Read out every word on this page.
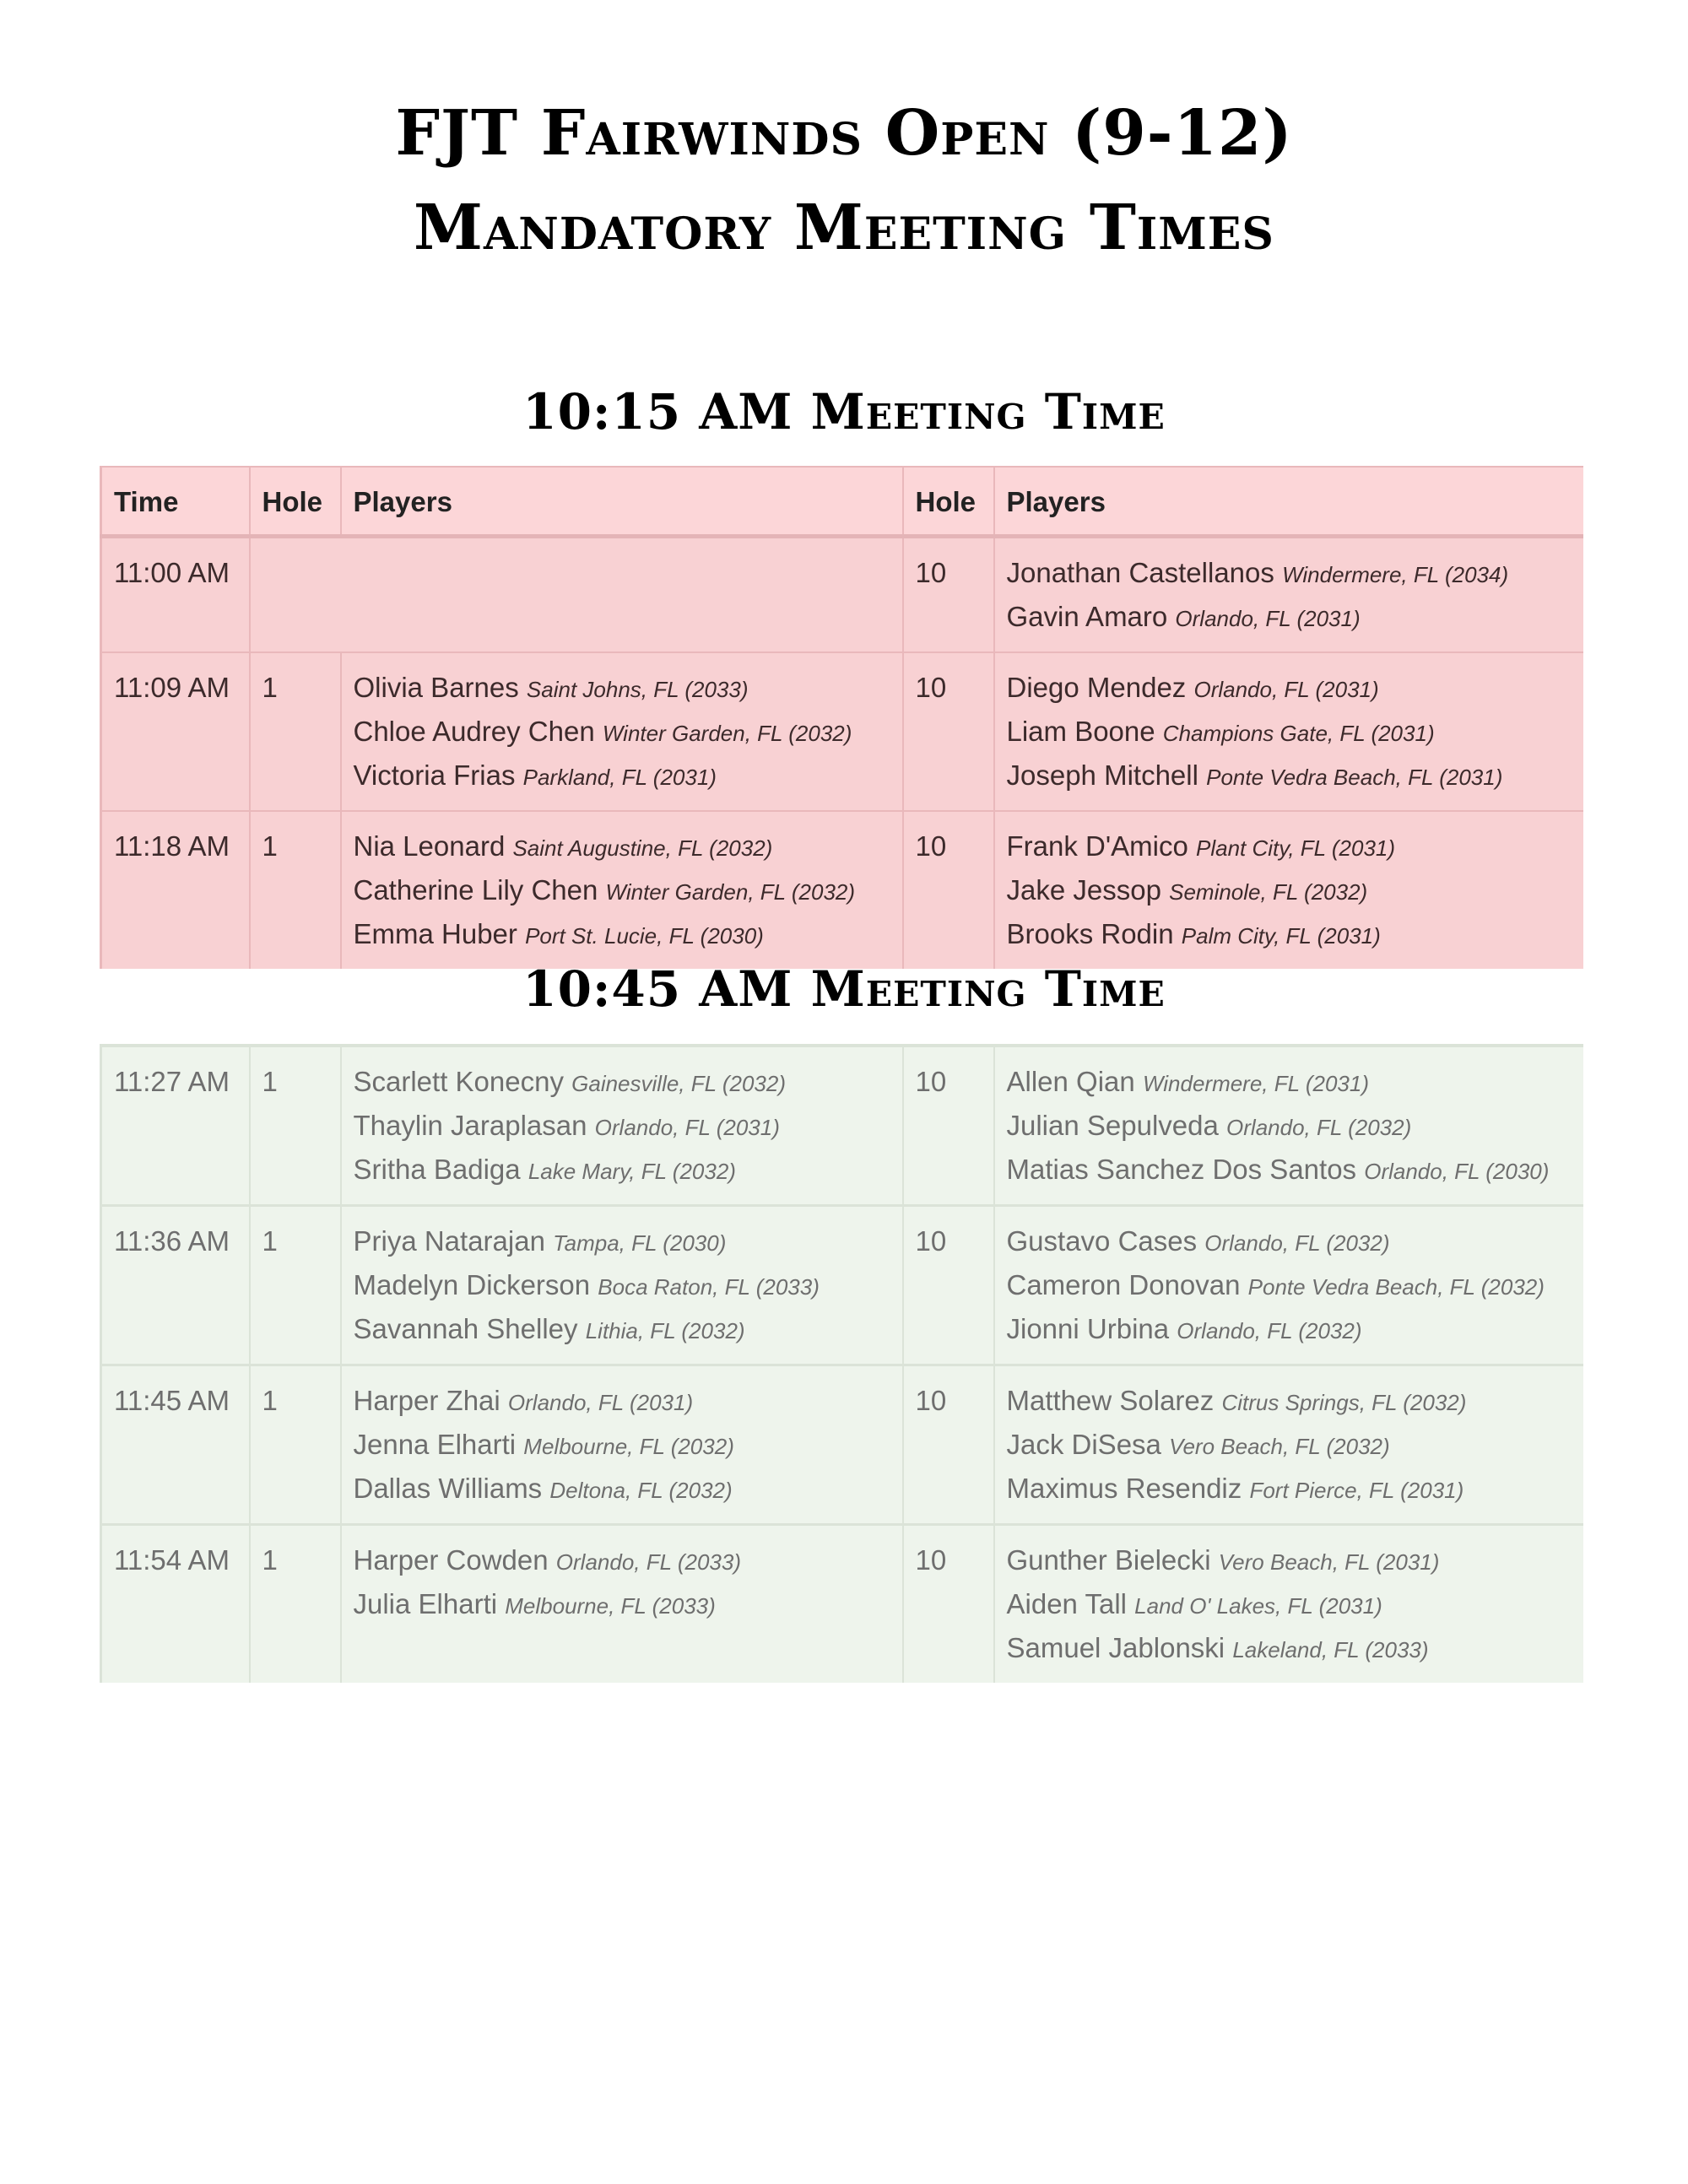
FJT Fairwinds Open (9-12)
Mandatory Meeting Times
10:15 AM Meeting Time
Time	Hole	Players	Hole	Players
11:00 AM			10	Jonathan Castellanos Windermere, FL (2034)
Gavin Amaro Orlando, FL (2031)

11:09 AM	1	Olivia Barnes Saint Johns, FL (2033)
Chloe Audrey Chen Winter Garden, FL (2032)
Victoria Frias Parkland, FL (2031)	10	Diego Mendez Orlando, FL (2031)
Liam Boone Champions Gate, FL (2031)
Joseph Mitchell Ponte Vedra Beach, FL (2031)

11:18 AM	1	Nia Leonard Saint Augustine, FL (2032)
Catherine Lily Chen Winter Garden, FL (2032)
Emma Huber Port St. Lucie, FL (2030)	10	Frank D'Amico Plant City, FL (2031)
Jake Jessop Seminole, FL (2032)
Brooks Rodin Palm City, FL (2031)
10:45 AM Meeting Time
11:27 AM	1	Scarlett Konecny Gainesville, FL (2032)
Thaylin Jaraplasan Orlando, FL (2031)
Sritha Badiga Lake Mary, FL (2032)	10	Allen Qian Windermere, FL (2031)
Julian Sepulveda Orlando, FL (2032)
Matias Sanchez Dos Santos Orlando, FL (2030)

11:36 AM	1	Priya Natarajan Tampa, FL (2030)
Madelyn Dickerson Boca Raton, FL (2033)
Savannah Shelley Lithia, FL (2032)	10	Gustavo Cases Orlando, FL (2032)
Cameron Donovan Ponte Vedra Beach, FL (2032)
Jionni Urbina Orlando, FL (2032)

11:45 AM	1	Harper Zhai Orlando, FL (2031)
Jenna Elharti Melbourne, FL (2032)
Dallas Williams Deltona, FL (2032)	10	Matthew Solarez Citrus Springs, FL (2032)
Jack DiSesa Vero Beach, FL (2032)
Maximus Resendiz Fort Pierce, FL (2031)

11:54 AM	1	Harper Cowden Orlando, FL (2033)
Julia Elharti Melbourne, FL (2033)	10	Gunther Bielecki Vero Beach, FL (2031)
Aiden Tall Land O' Lakes, FL (2031)
Samuel Jablonski Lakeland, FL (2033)
